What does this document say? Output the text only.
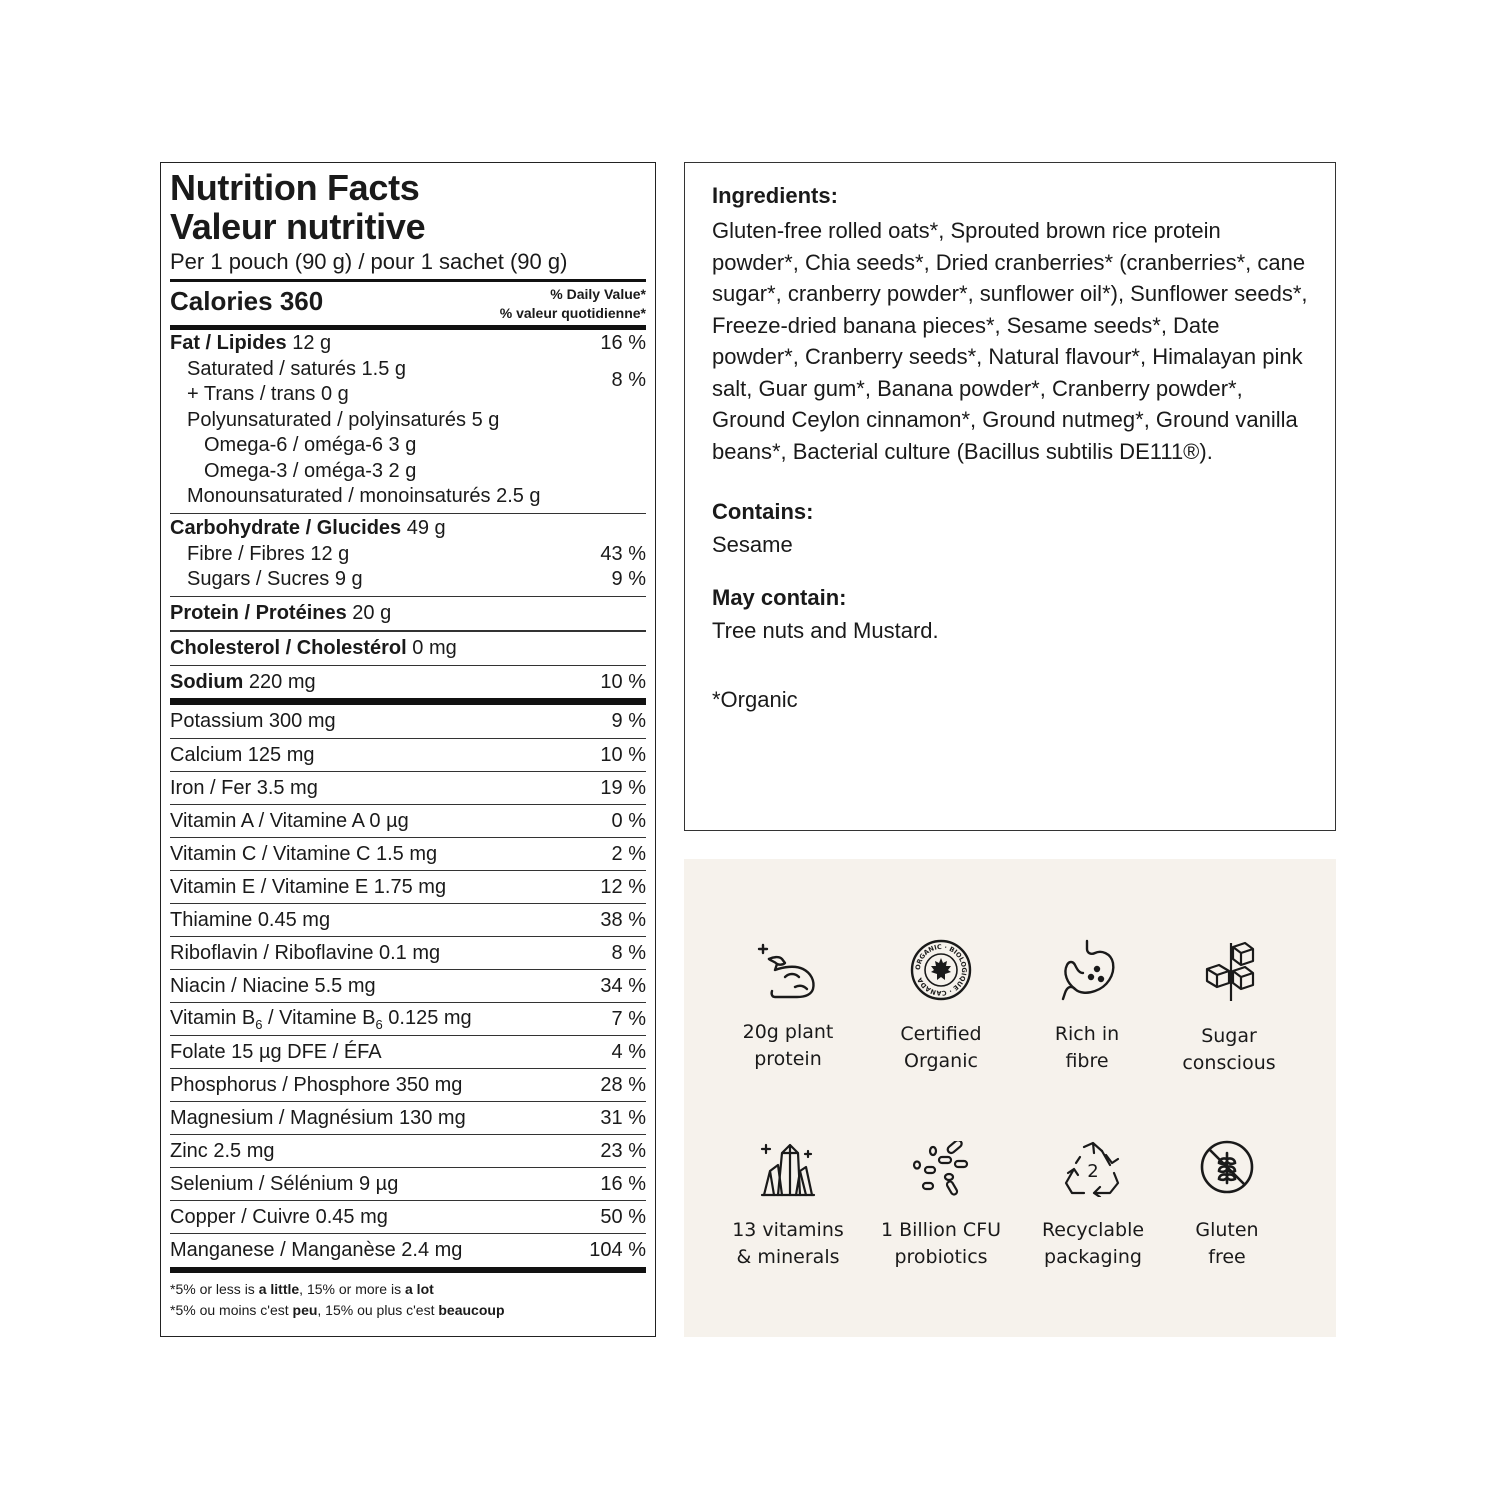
Nutrition Facts
Valeur nutritive
Per 1 pouch (90 g) / pour 1 sachet (90 g)
Calories 360	% Daily Value*
% valeur quotidienne*
Fat / Lipides 12 g	16 %
Saturated / saturés 1.5 g
+ Trans / trans 0 g
8 %
Polyunsaturated / polyinsaturés 5 g
Omega-6 / oméga-6 3 g
Omega-3 / oméga-3 2 g
Monounsaturated / monoinsaturés 2.5 g
Carbohydrate / Glucides 49 g
Fibre / Fibres 12 g	43 %
Sugars / Sucres 9 g	9 %
Protein / Protéines 20 g
Cholesterol / Cholestérol 0 mg
Sodium 220 mg	10 %
Potassium 300 mg	9 %
Calcium 125 mg	10 %
Iron / Fer 3.5 mg	19 %
Vitamin A / Vitamine A 0 µg	0 %
Vitamin C / Vitamine C 1.5 mg	2 %
Vitamin E / Vitamine E 1.75 mg	12 %
Thiamine 0.45 mg	38 %
Riboflavin / Riboflavine 0.1 mg	8 %
Niacin / Niacine 5.5 mg	34 %
Vitamin $B_6$ / Vitamine $B_6$ 0.125 mg	7 %
Folate 15 µg DFE / ÉFA	4 %
Phosphorus / Phosphore 350 mg	28 %
Magnesium / Magnésium 130 mg	31 %
Zinc 2.5 mg	23 %
Selenium / Sélénium 9 µg	16 %
Copper / Cuivre 0.45 mg	50 %
Manganese / Manganèse 2.4 mg	104 %
*5% or less is a little, 15% or more is a lot
*5% ou moins c'est peu, 15% ou plus c'est beaucoup
Ingredients:

Gluten-free rolled oats*, Sprouted brown rice protein powder*, Chia seeds*, Dried cranberries* (cranberries*, cane sugar*, cranberry powder*, sunflower oil*), Sunflower seeds*, Freeze-dried banana pieces*, Sesame seeds*, Date powder*, Cranberry seeds*, Natural flavour*, Himalayan pink salt, Guar gum*, Banana powder*, Cranberry powder*, Ground Ceylon cinnamon*, Ground nutmeg*, Ground vanilla beans*, Bacterial culture (Bacillus subtilis DE111®).

Contains:

Sesame

May contain:

Tree nuts and Mustard.

*Organic

20g plant
protein
ORGANIC · BIOLOGIQUE · CANADA
Certified
Organic
Rich in
fibre
Sugar
conscious
13 vitamins
& minerals
1 Billion CFU
probiotics
2
Recyclable
packaging
Gluten
free
